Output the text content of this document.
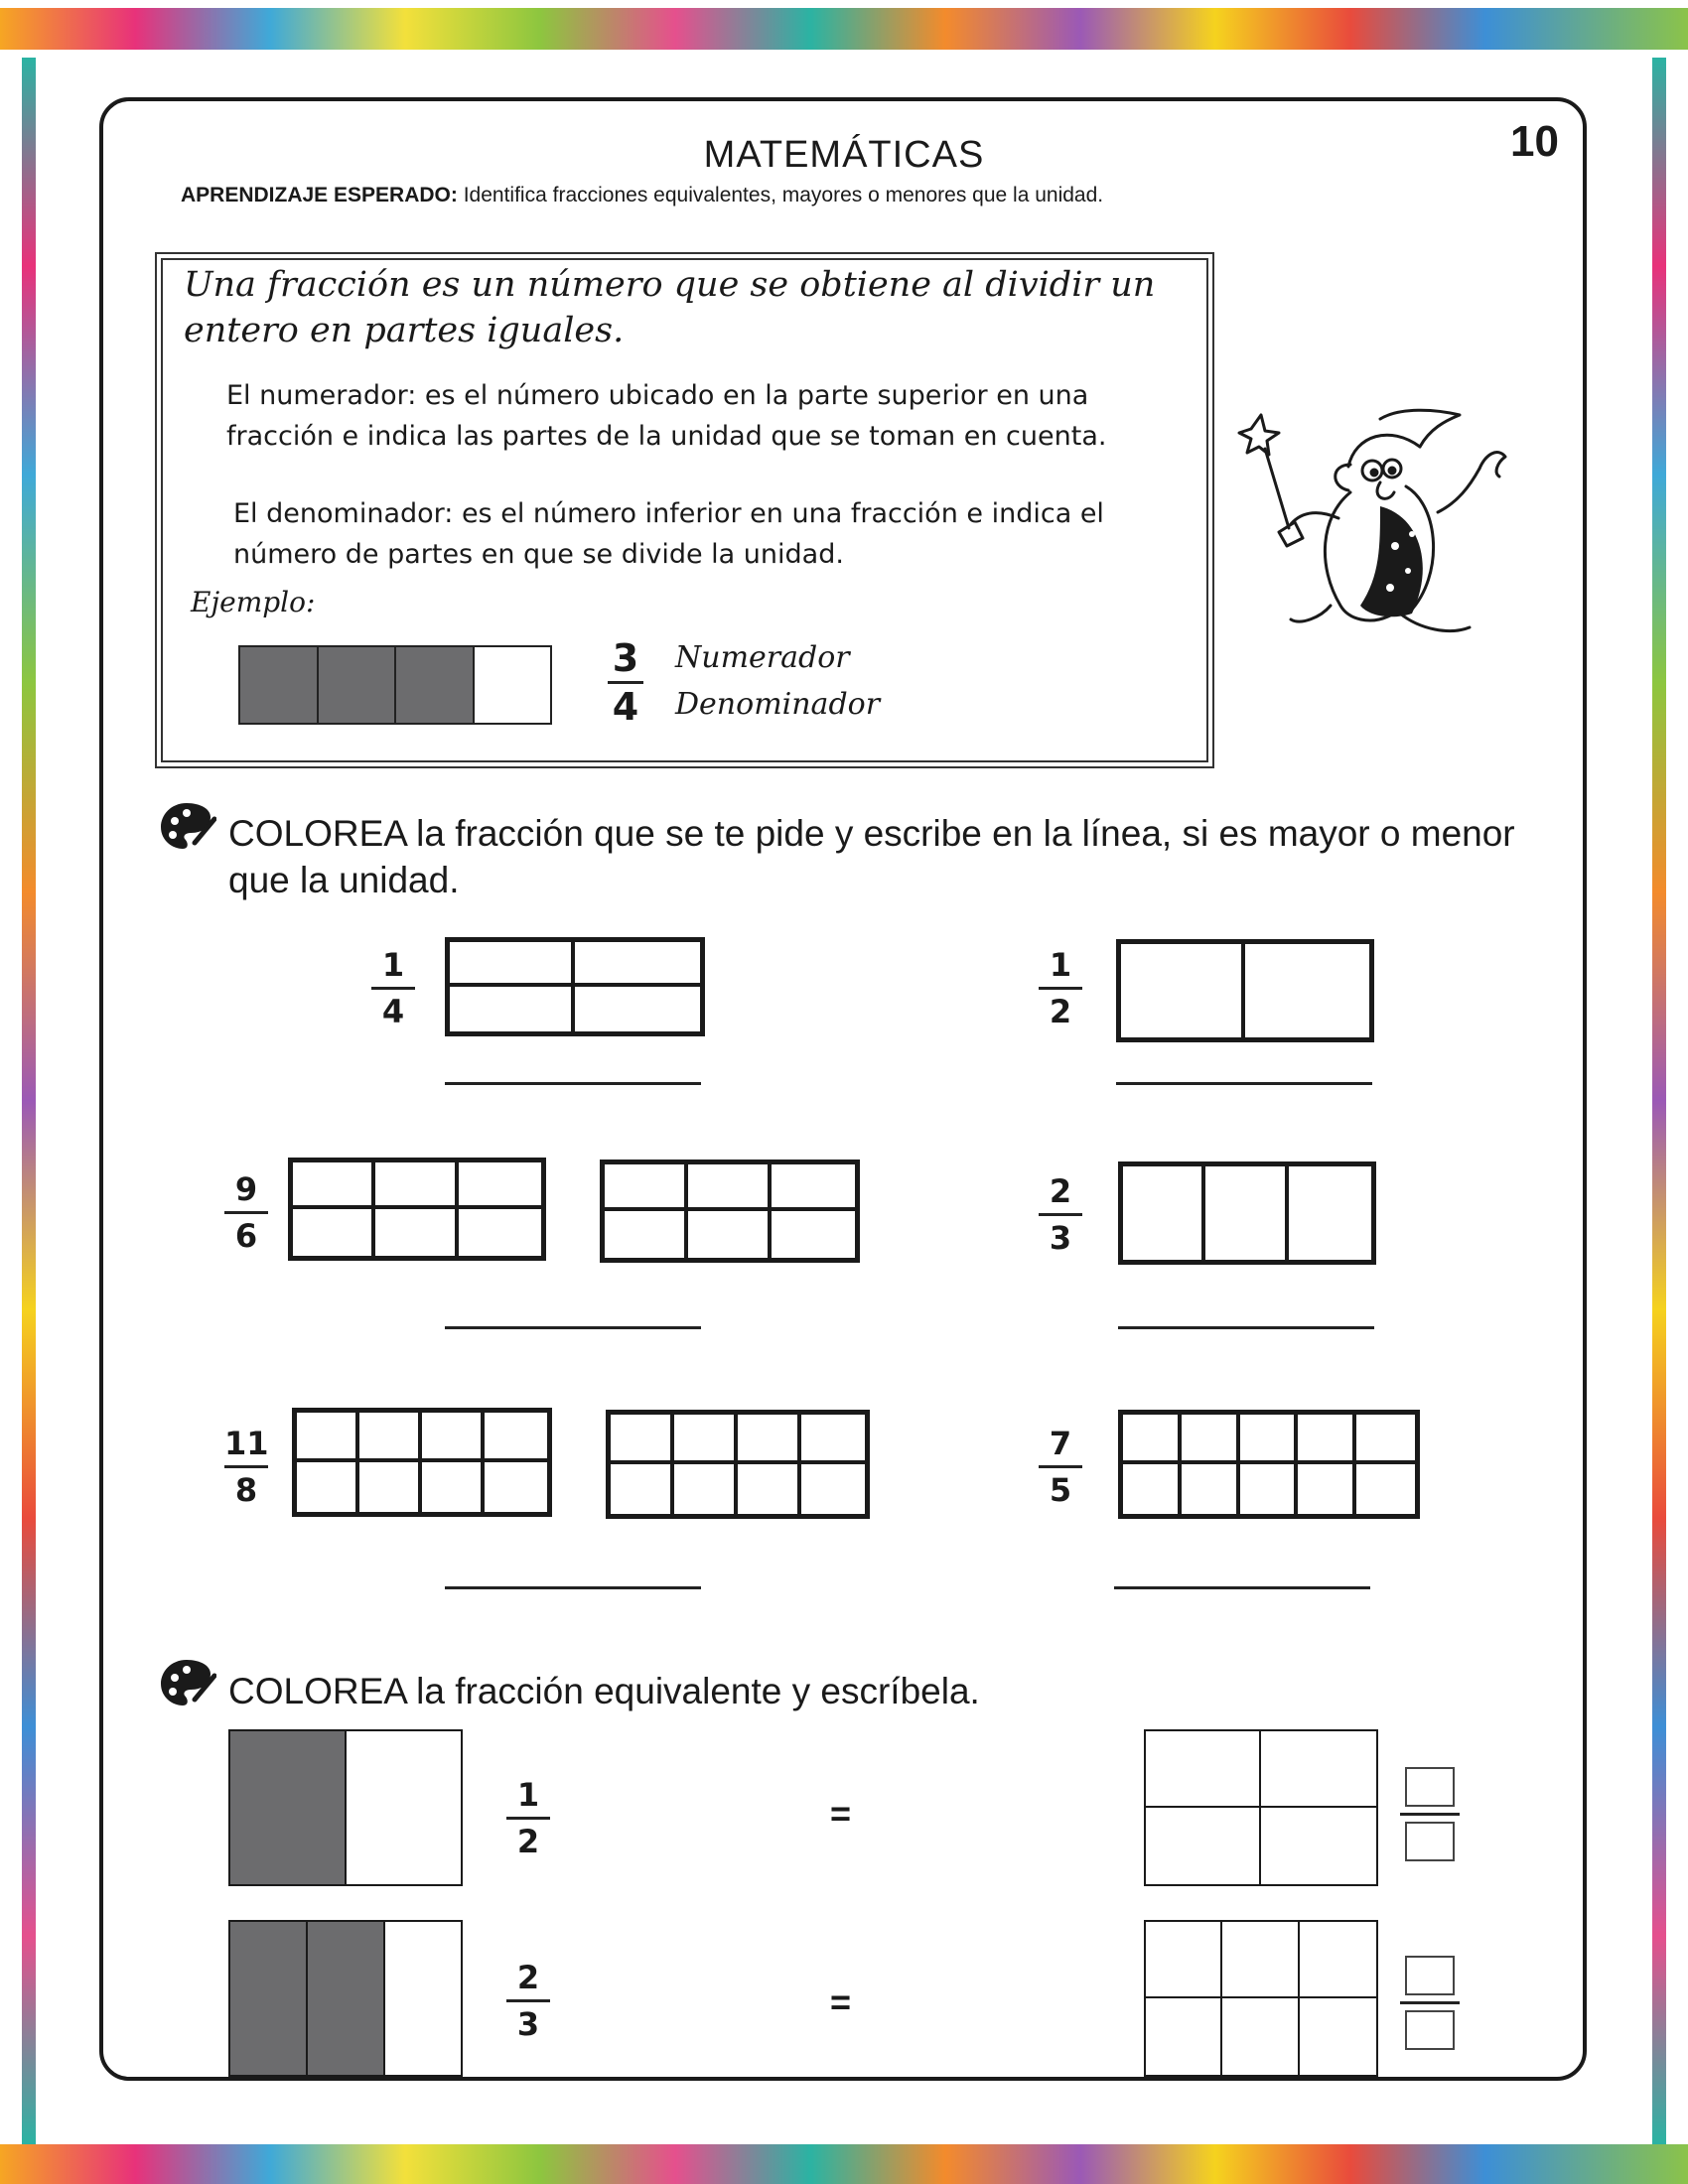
MATEMÁTICAS	10
APRENDIZAJE ESPERADO: Identifica fracciones equivalentes, mayores o menores que la unidad.
Una fracción es un número que se obtiene al dividir un entero en partes iguales.
El numerador: es el número ubicado en la parte superior en una fracción e indica las partes de la unidad que se toman en cuenta.
El denominador: es el número inferior en una fracción e indica el número de partes en que se divide la unidad.
Ejemplo:
$\frac{3}{4}$ Numerador
Denominador
COLOREA la fracción que se te pide y escribe en la línea, si es mayor o menor que la unidad.
$\frac{1}{4}$	$\frac{1}{2}$
$\frac{9}{6}$	$\frac{2}{3}$
$\frac{11}{8}$	$\frac{7}{5}$
COLOREA la fracción equivalente y escríbela.
$\frac{1}{2}$	=
$\frac{2}{3}$	=
